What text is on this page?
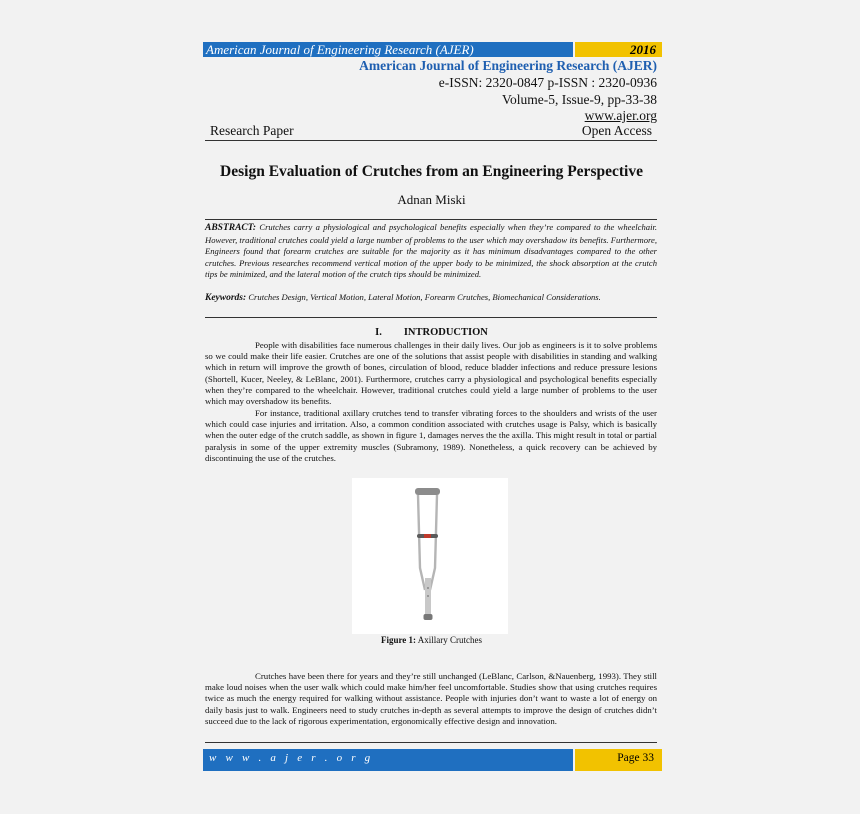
American Journal of Engineering Research (AJER)	2016
American Journal of Engineering Research (AJER)
e-ISSN: 2320-0847 p-ISSN : 2320-0936
Volume-5, Issue-9, pp-33-38
www.ajer.org
Research Paper	Open Access
Design Evaluation of Crutches from an Engineering Perspective
Adnan Miski
ABSTRACT: Crutches carry a physiological and psychological benefits especially when they’re compared to the wheelchair. However, traditional crutches could yield a large number of problems to the user which may overshadow its benefits. Furthermore, Engineers found that forearm crutches are suitable for the majority as it has minimum disadvantages compared to the other crutches. Previous researches recommend vertical motion of the upper body to be minimized, the shock absorption at the crutch tips be minimized, and the lateral motion of the crutch tips should be minimized.
Keywords: Crutches Design, Vertical Motion, Lateral Motion, Forearm Crutches, Biomechanical Considerations.
I. INTRODUCTION
People with disabilities face numerous challenges in their daily lives. Our job as engineers is it to solve problems so we could make their life easier. Crutches are one of the solutions that assist people with disabilities in standing and walking which in return will improve the growth of bones, circulation of blood, reduce bladder infections and reduce pressure lesions (Shortell, Kucer, Neeley, & LeBlanc, 2001). Furthermore, crutches carry a physiological and psychological benefits especially when they’re compared to the wheelchair. However, traditional crutches could yield a large number of problems to the user which may overshadow its benefits.
For instance, traditional axillary crutches tend to transfer vibrating forces to the shoulders and wrists of the user which could case injuries and irritation. Also, a common condition associated with crutches usage is Palsy, which is basically when the outer edge of the crutch saddle, as shown in figure 1, damages nerves the the axilla. This might result in total or partial paralysis in some of the upper extremity muscles (Subramony, 1989). Nonetheless, a quick recovery can be achieved by discontinuing the use of the crutches.
Figure 1: Axillary Crutches
Crutches have been there for years and they’re still unchanged (LeBlanc, Carlson, &Nauenberg, 1993). They still make loud noises when the user walk which could make him/her feel uncomfortable. Studies show that using crutches requires twice as much the energy required for walking without assistance. People with injuries don’t want to waste a lot of energy on daily basis just to walk. Engineers need to study crutches in-depth as several attempts to improve the design of crutches didn’t succeed due to the lack of rigorous experimentation, ergonomically effective design and innovation.
w w w . a j e r . o r g	Page 33
